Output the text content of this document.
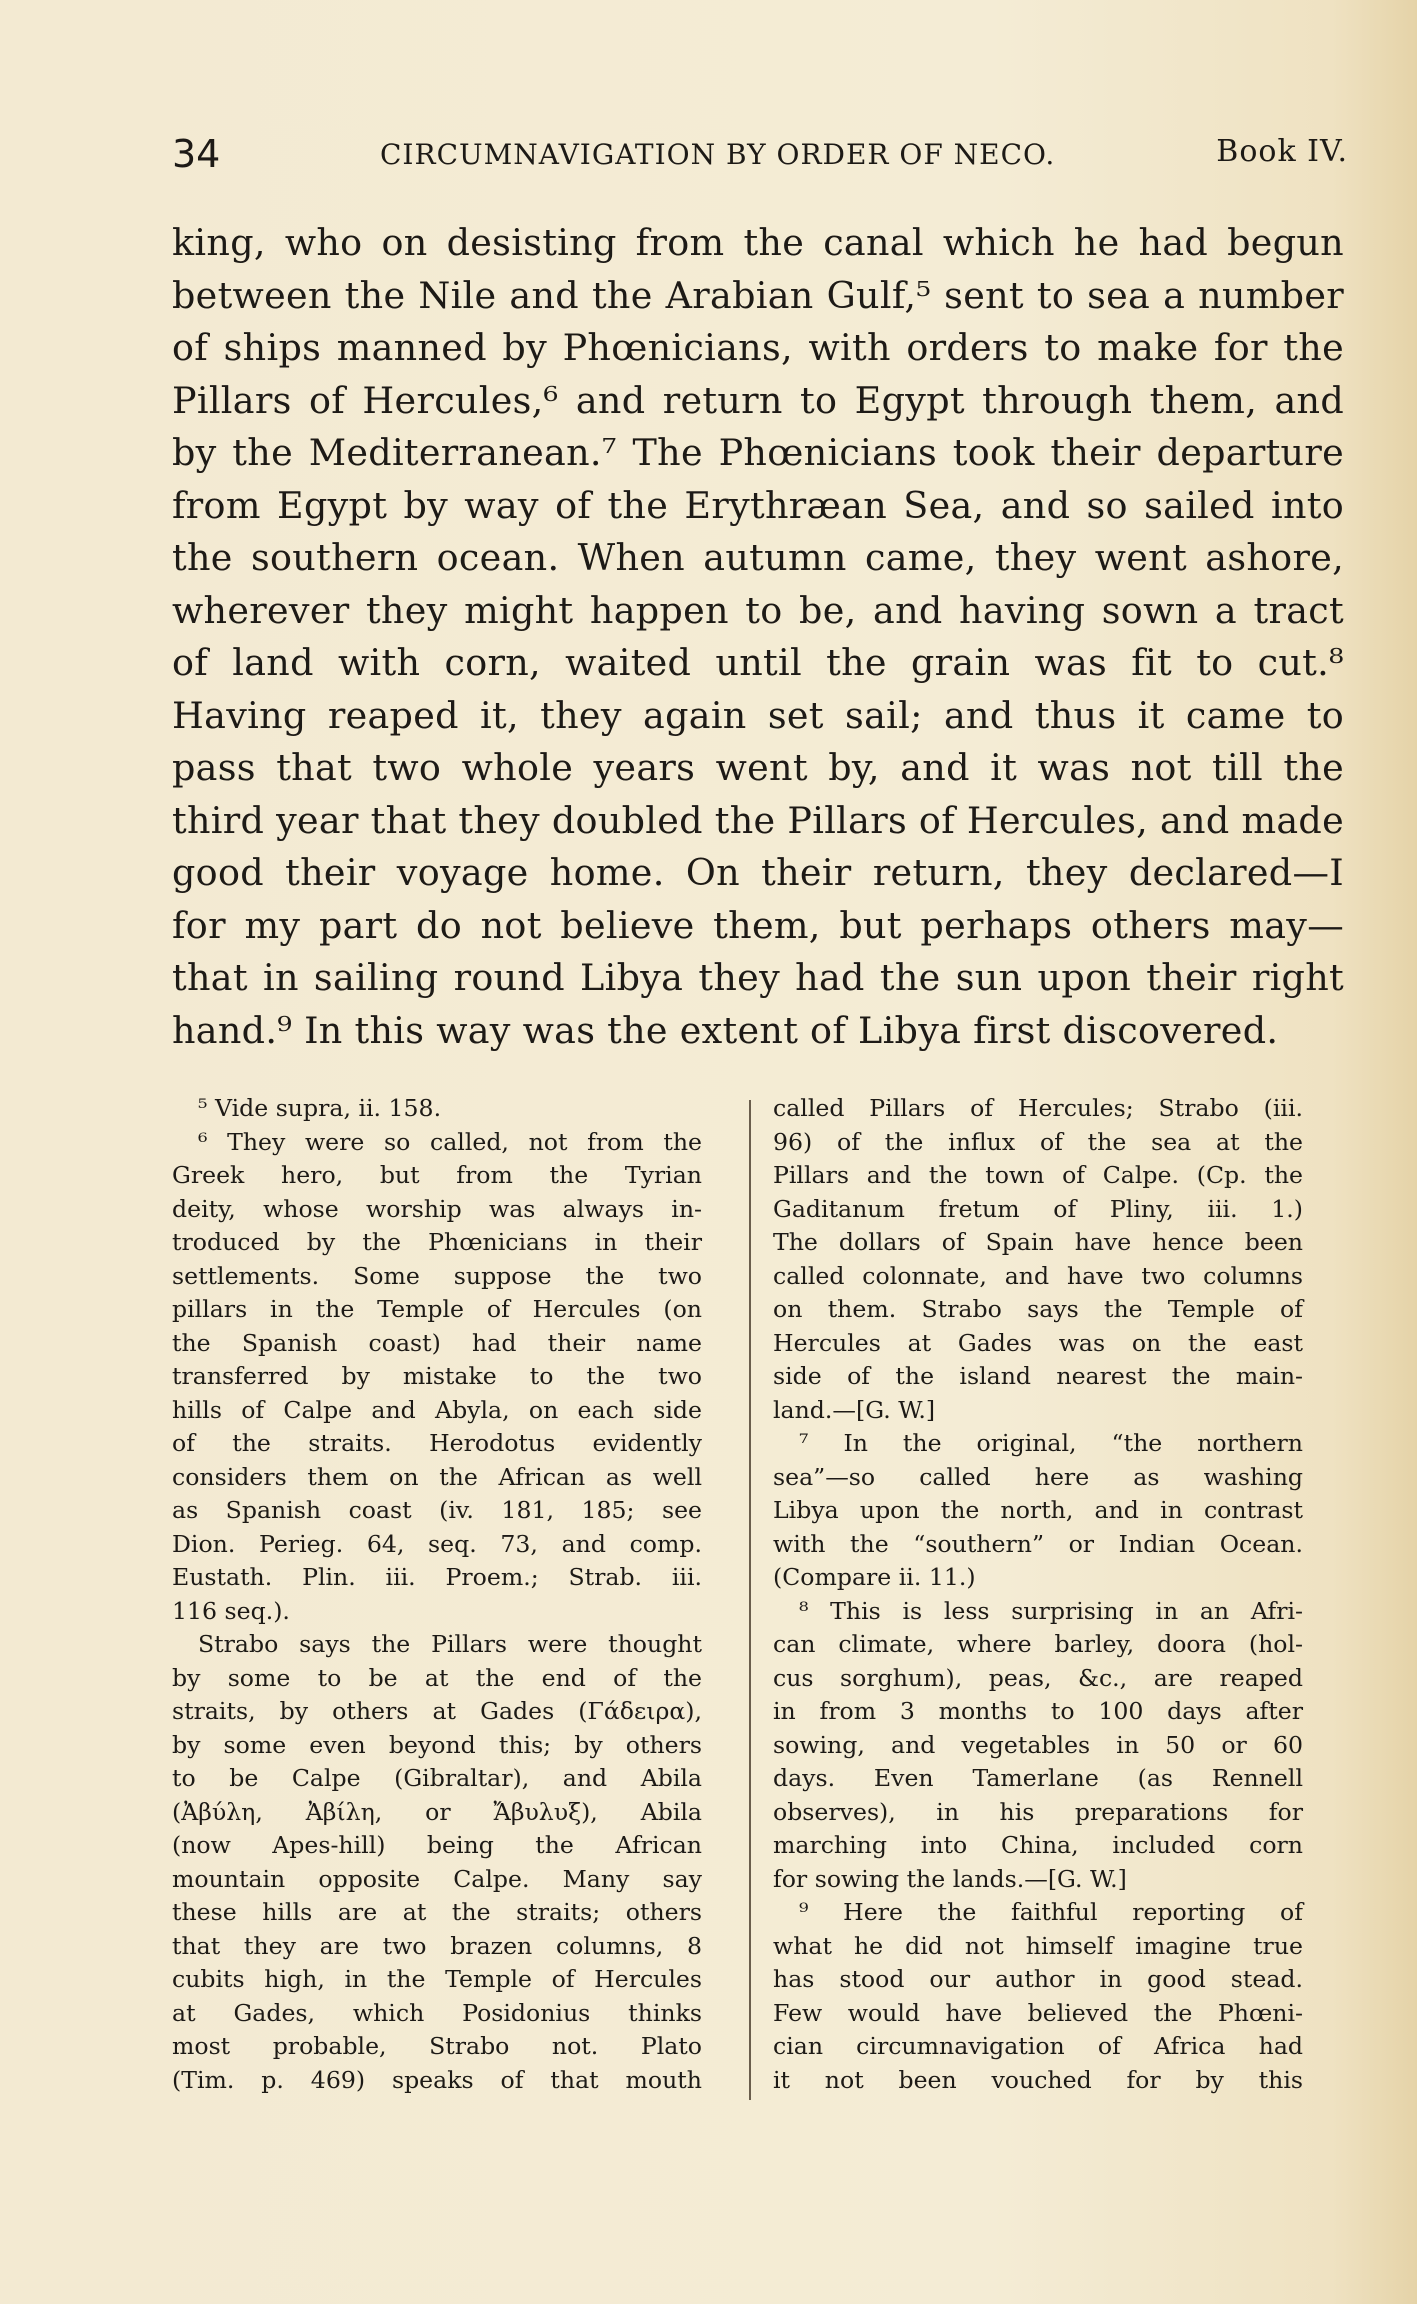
34	CIRCUMNAVIGATION BY ORDER OF NECO.	Book IV.
king, who on desisting from the canal which he had begun
between the Nile and the Arabian Gulf,⁵ sent to sea a number
of ships manned by Phœnicians, with orders to make for the
Pillars of Hercules,⁶ and return to Egypt through them, and
by the Mediterranean.⁷ The Phœnicians took their departure
from Egypt by way of the Erythræan Sea, and so sailed into
the southern ocean. When autumn came, they went ashore,
wherever they might happen to be, and having sown a tract
of land with corn, waited until the grain was fit to cut.⁸
Having reaped it, they again set sail; and thus it came to
pass that two whole years went by, and it was not till the
third year that they doubled the Pillars of Hercules, and made
good their voyage home. On their return, they declared—I
for my part do not believe them, but perhaps others may—
that in sailing round Libya they had the sun upon their right
hand.⁹ In this way was the extent of Libya first discovered.
⁵ Vide supra, ii. 158.
⁶ They were so called, not from the
Greek hero, but from the Tyrian
deity, whose worship was always in-
troduced by the Phœnicians in their
settlements. Some suppose the two
pillars in the Temple of Hercules (on
the Spanish coast) had their name
transferred by mistake to the two
hills of Calpe and Abyla, on each side
of the straits. Herodotus evidently
considers them on the African as well
as Spanish coast (iv. 181, 185; see
Dion. Perieg. 64, seq. 73, and comp.
Eustath. Plin. iii. Proem.; Strab. iii.
116 seq.).
Strabo says the Pillars were thought
by some to be at the end of the
straits, by others at Gades (Γάδειρα),
by some even beyond this; by others
to be Calpe (Gibraltar), and Abila
(Ἀβύλη, Ἀβίλη, or Ἄβυλυξ), Abila
(now Apes-hill) being the African
mountain opposite Calpe. Many say
these hills are at the straits; others
that they are two brazen columns, 8
cubits high, in the Temple of Hercules
at Gades, which Posidonius thinks
most probable, Strabo not. Plato
(Tim. p. 469) speaks of that mouth
called Pillars of Hercules; Strabo (iii.
96) of the influx of the sea at the
Pillars and the town of Calpe. (Cp. the
Gaditanum fretum of Pliny, iii. 1.)
The dollars of Spain have hence been
called colonnate, and have two columns
on them. Strabo says the Temple of
Hercules at Gades was on the east
side of the island nearest the main-
land.—[G. W.]
⁷ In the original, “the northern
sea”—so called here as washing
Libya upon the north, and in contrast
with the “southern” or Indian Ocean.
(Compare ii. 11.)
⁸ This is less surprising in an Afri-
can climate, where barley, doora (hol-
cus sorghum), peas, &c., are reaped
in from 3 months to 100 days after
sowing, and vegetables in 50 or 60
days. Even Tamerlane (as Rennell
observes), in his preparations for
marching into China, included corn
for sowing the lands.—[G. W.]
⁹ Here the faithful reporting of
what he did not himself imagine true
has stood our author in good stead.
Few would have believed the Phœni-
cian circumnavigation of Africa had
it not been vouched for by this
